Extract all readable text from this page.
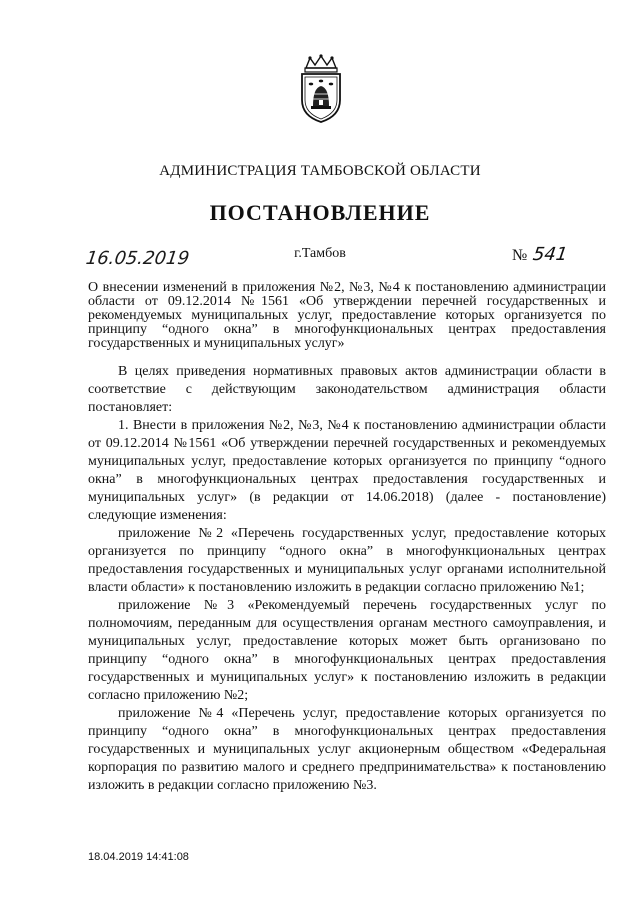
АДМИНИСТРАЦИЯ ТАМБОВСКОЙ ОБЛАСТИ
ПОСТАНОВЛЕНИЕ
16.05.2019	г.Тамбов	№ 541
О внесении изменений в приложения №2, №3, №4 к постановлению администрации области от 09.12.2014 №1561 «Об утверждении перечней государственных и рекомендуемых муниципальных услуг, предоставление которых организуется по принципу “одного окна” в многофункциональных центрах предоставления государственных и муниципальных услуг»

В целях приведения нормативных правовых актов администрации области в соответствие с действующим законодательством администрация области постановляет:

1. Внести в приложения №2, №3, №4 к постановлению администрации области от 09.12.2014 №1561 «Об утверждении перечней государственных и рекомендуемых муниципальных услуг, предоставление которых организуется по принципу “одного окна” в многофункциональных центрах предоставления государственных и муниципальных услуг» (в редакции от 14.06.2018) (далее - постановление) следующие изменения:

приложение №2 «Перечень государственных услуг, предоставление которых организуется по принципу “одного окна” в многофункциональных центрах предоставления государственных и муниципальных услуг органами исполнительной власти области» к постановлению изложить в редакции согласно приложению №1;

приложение №3 «Рекомендуемый перечень государственных услуг по полномочиям, переданным для осуществления органам местного самоуправления, и муниципальных услуг, предоставление которых может быть организовано по принципу “одного окна” в многофункциональных центрах предоставления государственных и муниципальных услуг» к постановлению изложить в редакции согласно приложению №2;

приложение №4 «Перечень услуг, предоставление которых организуется по принципу “одного окна” в многофункциональных центрах предоставления государственных и муниципальных услуг акционерным обществом «Федеральная корпорация по развитию малого и среднего предпринимательства» к постановлению изложить в редакции согласно приложению №3.

18.04.2019 14:41:08
